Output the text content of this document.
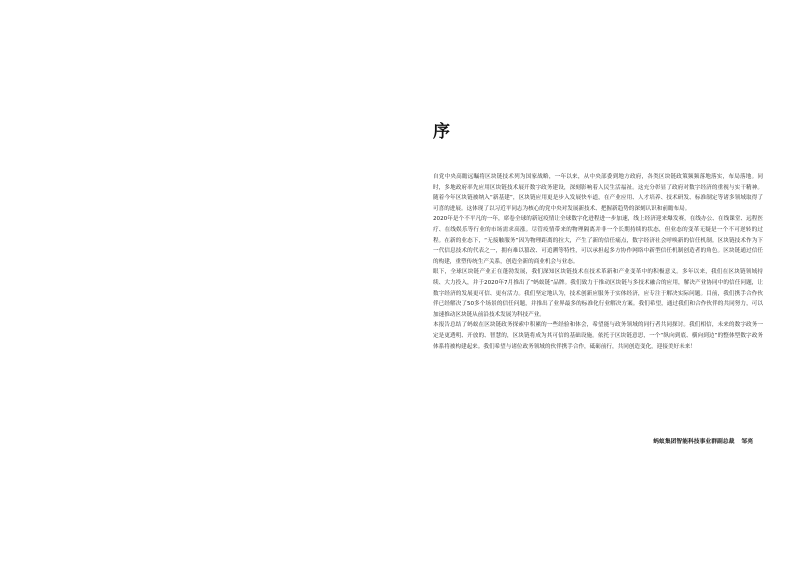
序

自党中央高瞻远瞩将区块链技术列为国家战略，一年以来，从中央部委到地方政府，各类区块链政策频频落地落实，布局落地。同时，多地政府率先应用区块链技术展开数字政务建设，深刻影响着人民生活福祉。这充分彰显了政府对数字经济的重视与实干精神。随着今年区块链被纳入“新基建”，区块链应用更是步入发展快车道，在产业应用、人才培养、技术研发、标准制定等诸多领域取得了可喜的进展。这体现了以习近平同志为核心的党中央对发展新技术、把握新趋势的深刻认识和前瞻布局。

2020年是个不平凡的一年，席卷全球的新冠疫情让全球数字化进程进一步加速，线上经济迎来爆发赛，在线办公、在线课堂、远程医疗、在线娱乐等行业的市场需求高涨。尽管疫情带来的物理隔离并非一个长期持续的状态，但业态的变革无疑是一个不可逆转的过程。在新的业态下，“无接触服务”因为物理距离的拉大，产生了新的信任痛点，数字经济社会呼唤新的信任机制。区块链技术作为下一代信息技术的代表之一，拥有难以篡改、可追溯等特性，可以承担起多方协作网络中新型信任机制创造者的角色。区块链通过信任的构建，重塑传统生产关系，创造全新的商业机会与业态。

眼下，全球区块链产业正在蓬勃发展，我们深知区块链技术在技术革新和产业变革中的积极意义。多年以来，我们在区块链领域持续、大力投入，并于2020年7月推出了“蚂蚁链”品牌。我们致力于推动区块链与多技术融合的应用，解决产业协同中的信任问题，让数字经济的发展更可信、更有活力。我们坚定地认为，技术创新应服务于实体经济，应专注于解决实际问题。目前，我们携手合作伙伴已经解决了50多个场景的信任问题，并推出了业界最多的标准化行业解决方案。我们希望，通过我们和合作伙伴的共同努力，可以加速推动区块链从前沿技术发展为科技产业。

本报告总结了蚂蚁在区块链政务探索中积累的一些经验和体会，希望能与政务领域的同行者共同探讨。我们相信，未来的数字政务一定是更透明、开放的、智慧的，区块链将成为其可信的基础设施。依托于区块链意思，一个“纵向到底、横向到边”的整体型数字政务体系将被构建起来。我们希望与诸位政务领域的伙伴携手合作，砥砺前行，共同创造变化，迎接美好未来！

蚂蚁集团智能科技事业群副总裁 邹亮
